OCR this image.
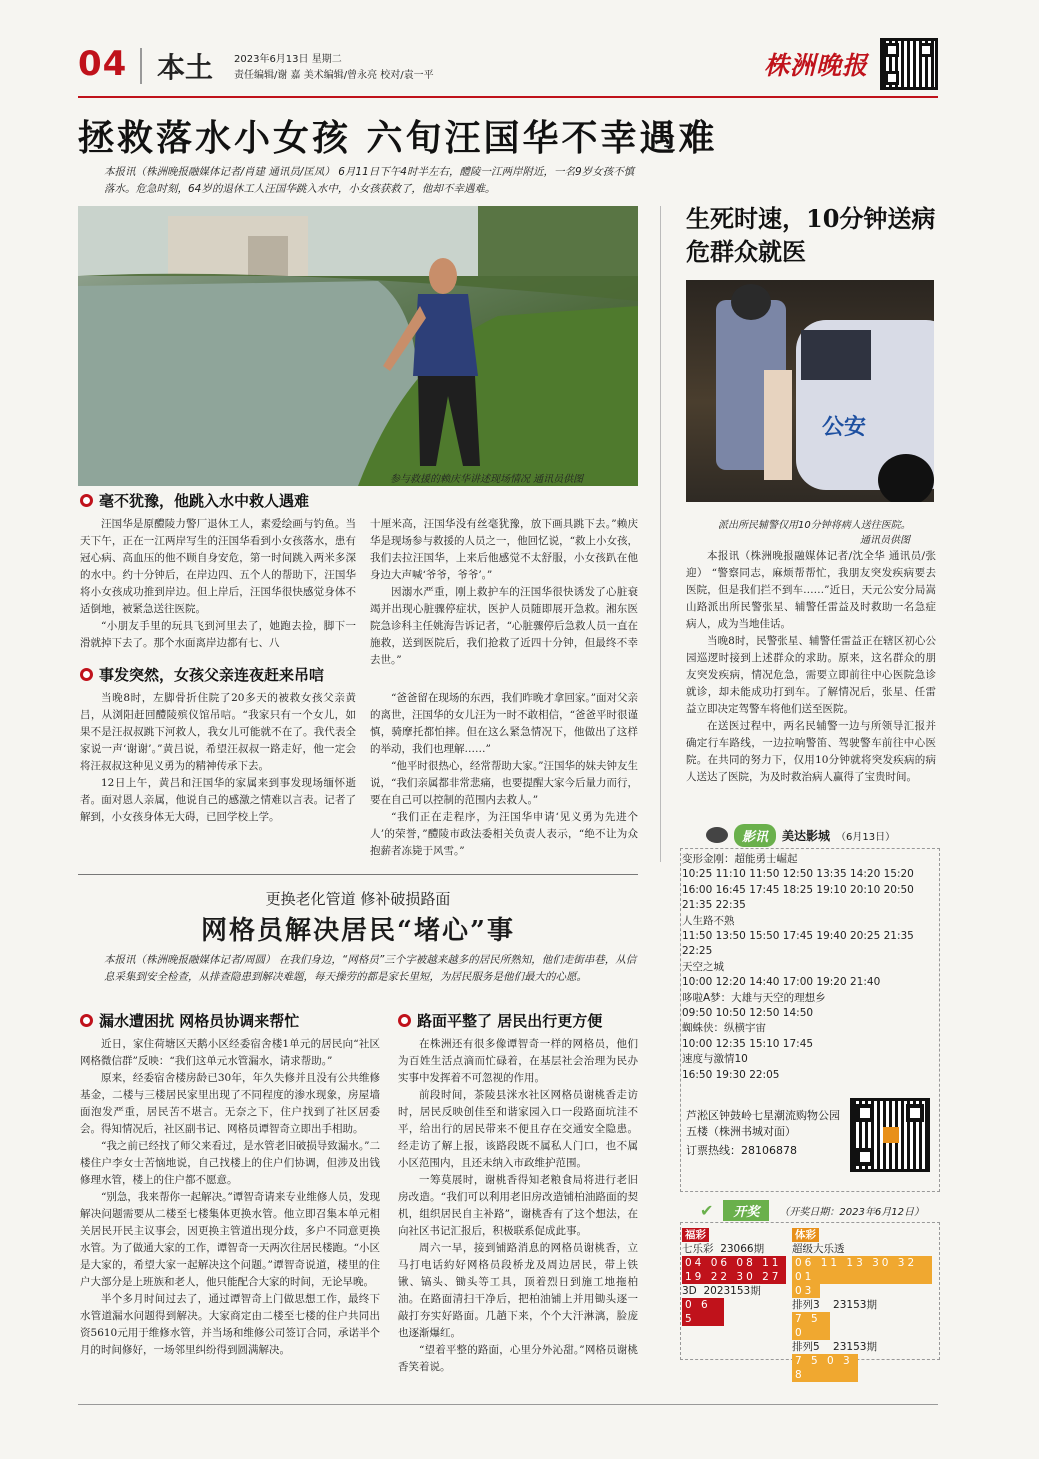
04 本土 2023年6月13日 星期二
责任编辑/谢 嘉 美术编辑/曾永亮 校对/袁一平	株洲晚报
拯救落水小女孩 六旬汪国华不幸遇难
本报讯（株洲晚报融媒体记者/肖建 通讯员/匡凤） 6月11日下午4时半左右，醴陵一江两岸附近，一名9岁女孩不慎落水。危急时刻，64岁的退休工人汪国华跳入水中，小女孩获救了，他却不幸遇难。
参与救援的赖庆华讲述现场情况 通讯员供图
毫不犹豫，他跳入水中救人遇难

汪国华是原醴陵力警厂退休工人，素爱绘画与钓鱼。当天下午，正在一江两岸写生的汪国华看到小女孩落水，患有冠心病、高血压的他不顾自身安危，第一时间跳入两米多深的水中。约十分钟后，在岸边四、五个人的帮助下，汪国华将小女孩成功推到岸边。但上岸后，汪国华很快感觉身体不适倒地，被紧急送往医院。

“小朋友手里的玩具飞到河里去了，她跑去捡，脚下一滑就掉下去了。那个水面离岸边都有七、八

十厘米高，汪国华没有丝毫犹豫，放下画具跳下去。”赖庆华是现场参与救援的人员之一，他回忆说，“救上小女孩，我们去拉汪国华，上来后他感觉不太舒服，小女孩趴在他身边大声喊‘爷爷，爷爷’。”

因溺水严重，刚上救护车的汪国华很快诱发了心脏衰竭并出现心脏骤停症状，医护人员随即展开急救。湘东医院急诊科主任姚海告诉记者，“心脏骤停后急救人员一直在施救，送到医院后，我们抢救了近四十分钟，但最终不幸去世。”

事发突然，女孩父亲连夜赶来吊唁

当晚8时，左脚骨折住院了20多天的被救女孩父亲黄吕，从浏阳赶回醴陵殡仪馆吊唁。“我家只有一个女儿，如果不是汪叔叔跳下河救人，我女儿可能就不在了。我代表全家说一声‘谢谢’。”黄吕说，希望汪叔叔一路走好，他一定会将汪叔叔这种见义勇为的精神传承下去。

12日上午，黄吕和汪国华的家属来到事发现场缅怀逝者。面对恩人亲属，他说自己的感激之情难以言表。记者了解到，小女孩身体无大碍，已回学校上学。

“爸爸留在现场的东西，我们昨晚才拿回家。”面对父亲的离世，汪国华的女儿汪为一时不敢相信，“爸爸平时很谨慎，骑摩托都怕摔。但在这么紧急情况下，他做出了这样的举动，我们也理解……”

“他平时很热心，经常帮助大家。”汪国华的妹夫钟友生说，“我们亲属都非常悲痛，也要提醒大家今后量力而行，要在自己可以控制的范围内去救人。”

“我们正在走程序，为汪国华申请‘见义勇为先进个人’的荣誉，”醴陵市政法委相关负责人表示，“绝不让为众抱薪者冻毙于风雪。”

生死时速，10分钟送病危群众就医
公安
派出所民辅警仅用10分钟将病人送往医院。
通讯员供图

本报讯（株洲晚报融媒体记者/沈全华 通讯员/张迎） “警察同志，麻烦帮帮忙，我朋友突发疾病要去医院，但是我们拦不到车……”近日，天元公安分局嵩山路派出所民警张星、辅警任雷益及时救助一名急症病人，成为当地佳话。

当晚8时，民警张星、辅警任雷益正在辖区初心公园巡逻时接到上述群众的求助。原来，这名群众的朋友突发疾病，情况危急，需要立即前往中心医院急诊就诊，却未能成功打到车。了解情况后，张星、任雷益立即决定驾警车将他们送至医院。

在送医过程中，两名民辅警一边与所领导汇报并确定行车路线，一边拉响警笛、驾驶警车前往中心医院。在共同的努力下，仅用10分钟就将突发疾病的病人送达了医院，为及时救治病人赢得了宝贵时间。

影讯	美达影城 （6月13日）
变形金刚：超能勇士崛起
10:25 11:10 11:50 12:50 13:35 14:20 15:20 16:00 16:45 17:45 18:25 19:10 20:10 20:50 21:35 22:35
人生路不熟
11:50 13:50 15:50 17:45 19:40 20:25 21:35 22:25
天空之城
10:00 12:20 14:40 17:00 19:20 21:40
哆啦A梦：大雄与天空的理想乡
09:50 10:50 12:50 14:50
蜘蛛侠：纵横宇宙
10:00 12:35 15:10 17:45
速度与激情10
16:50 19:30 22:05
芦淞区钟鼓岭七星潮流购物公园五楼（株洲书城对面）
订票热线：28106878
✔	开奖	（开奖日期：2023年6月12日）
福彩
七乐彩 23066期
04 06 08 11
19 22 30 27
3D 2023153期
0 6 5
体彩
超级大乐透
06 11 13 30 32 01
03
排列3 23153期
7 5 0
排列5 23153期
7 5 0 3 8
更换老化管道 修补破损路面
网格员解决居民“堵心”事
本报讯（株洲晚报融媒体记者/周圆） 在我们身边，“网格员”三个字被越来越多的居民所熟知，他们走街串巷，从信息采集到安全检查，从排查隐患到解决难题，每天操劳的都是家长里短，为居民服务是他们最大的心愿。
漏水遭困扰 网格员协调来帮忙

近日，家住荷塘区天鹅小区经委宿舍楼1单元的居民向“社区网格微信群”反映：“我们这单元水管漏水，请求帮助。”

原来，经委宿舍楼房龄已30年，年久失修并且没有公共维修基金，二楼与三楼居民家里出现了不同程度的渗水现象，房屋墙面泡发严重，居民苦不堪言。无奈之下，住户找到了社区居委会。得知情况后，社区副书记、网格员谭智奇立即出手相助。

“我之前已经找了师父来看过，是水管老旧破损导致漏水。”二楼住户李女士苦恼地说，自己找楼上的住户们协调，但涉及出钱修理水管，楼上的住户都不愿意。

“别急，我来帮你一起解决。”谭智奇请来专业维修人员，发现解决问题需要从二楼至七楼集体更换水管。他立即召集本单元相关居民开民主议事会，因更换主管道出现分歧，多户不同意更换水管。为了做通大家的工作，谭智奇一天两次往居民楼跑。“小区是大家的，希望大家一起解决这个问题。”谭智奇说道，楼里的住户大部分是上班族和老人，他只能配合大家的时间，无论早晚。

半个多月时间过去了，通过谭智奇上门做思想工作，最终下水管道漏水问题得到解决。大家商定由二楼至七楼的住户共同出资5610元用于维修水管，并当场和维修公司签订合同，承诺半个月的时间修好，一场邻里纠纷得到圆满解决。

路面平整了 居民出行更方便

在株洲还有很多像谭智奇一样的网格员，他们为百姓生活点滴而忙碌着，在基层社会治理为民办实事中发挥着不可忽视的作用。

前段时间，茶陵县洣水社区网格员谢桃香走访时，居民反映创佳至和谐家园入口一段路面坑洼不平，给出行的居民带来不便且存在交通安全隐患。经走访了解上报，该路段既不属私人门口，也不属小区范围内，且还未纳入市政维护范围。

一筹莫展时，谢桃香得知老粮食局将进行老旧房改造。“我们可以利用老旧房改造铺柏油路面的契机，组织居民自主补路”，谢桃香有了这个想法，在向社区书记汇报后，积极联系促成此事。

周六一早，接到铺路消息的网格员谢桃香，立马打电话約好网格员段桥龙及周边居民，带上铁锹、镐头、锄头等工具，顶着烈日到施工地拖柏油。在路面清扫干净后，把柏油铺上并用锄头逐一敲打夯实好路面。几趟下来，个个大汗淋漓，脸庞也逐渐爆红。

“望着平整的路面，心里分外沁甜。”网格员谢桃香笑着说。
